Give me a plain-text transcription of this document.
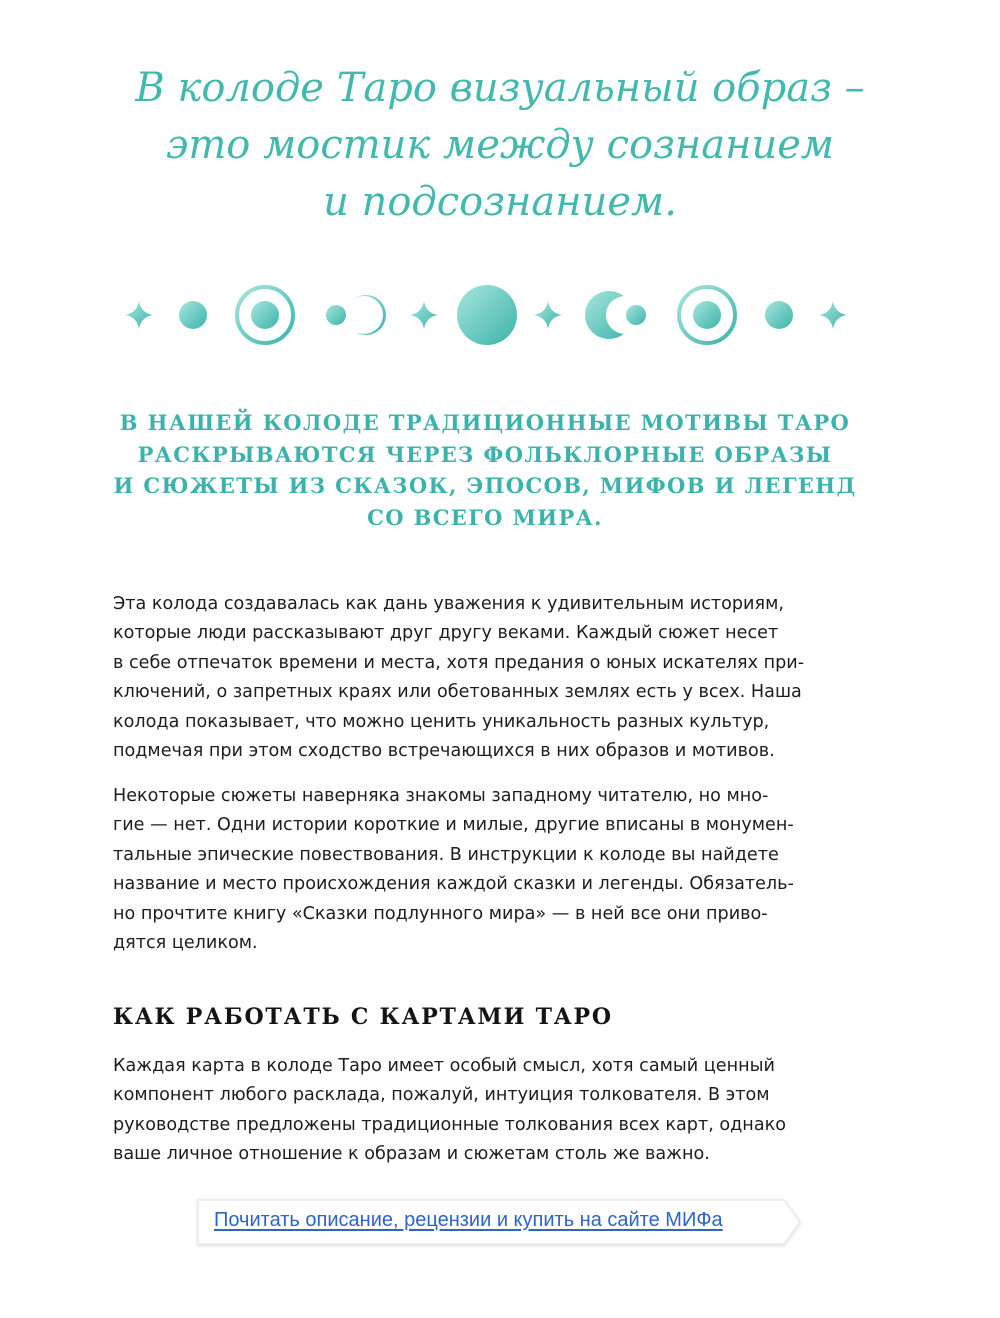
В колоде Таро визуальный образ –
это мостик между сознанием
и подсознанием.
В НАШЕЙ КОЛОДЕ ТРАДИЦИОННЫЕ МОТИВЫ ТАРО
РАСКРЫВАЮТСЯ ЧЕРЕЗ ФОЛЬКЛОРНЫЕ ОБРАЗЫ
И СЮЖЕТЫ ИЗ СКАЗОК, ЭПОСОВ, МИФОВ И ЛЕГЕНД
СО ВСЕГО МИРА.
Эта колода создавалась как дань уважения к удивительным историям,
которые люди рассказывают друг другу веками. Каждый сюжет несет
в себе отпечаток времени и места, хотя предания о юных искателях при-
ключений, о запретных краях или обетованных землях есть у всех. Наша
колода показывает, что можно ценить уникальность разных культур,
подмечая при этом сходство встречающихся в них образов и мотивов.
Некоторые сюжеты наверняка знакомы западному читателю, но мно-
гие — нет. Одни истории короткие и милые, другие вписаны в монумен-
тальные эпические повествования. В инструкции к колоде вы найдете
название и место происхождения каждой сказки и легенды. Обязатель-
но прочтите книгу «Сказки подлунного мира» — в ней все они приво-
дятся целиком.
КАК РАБОТАТЬ С КАРТАМИ ТАРО
Каждая карта в колоде Таро имеет особый смысл, хотя самый ценный
компонент любого расклада, пожалуй, интуиция толкователя. В этом
руководстве предложены традиционные толкования всех карт, однако
ваше личное отношение к образам и сюжетам столь же важно.
Почитать описание, рецензии и купить на сайте МИФа
